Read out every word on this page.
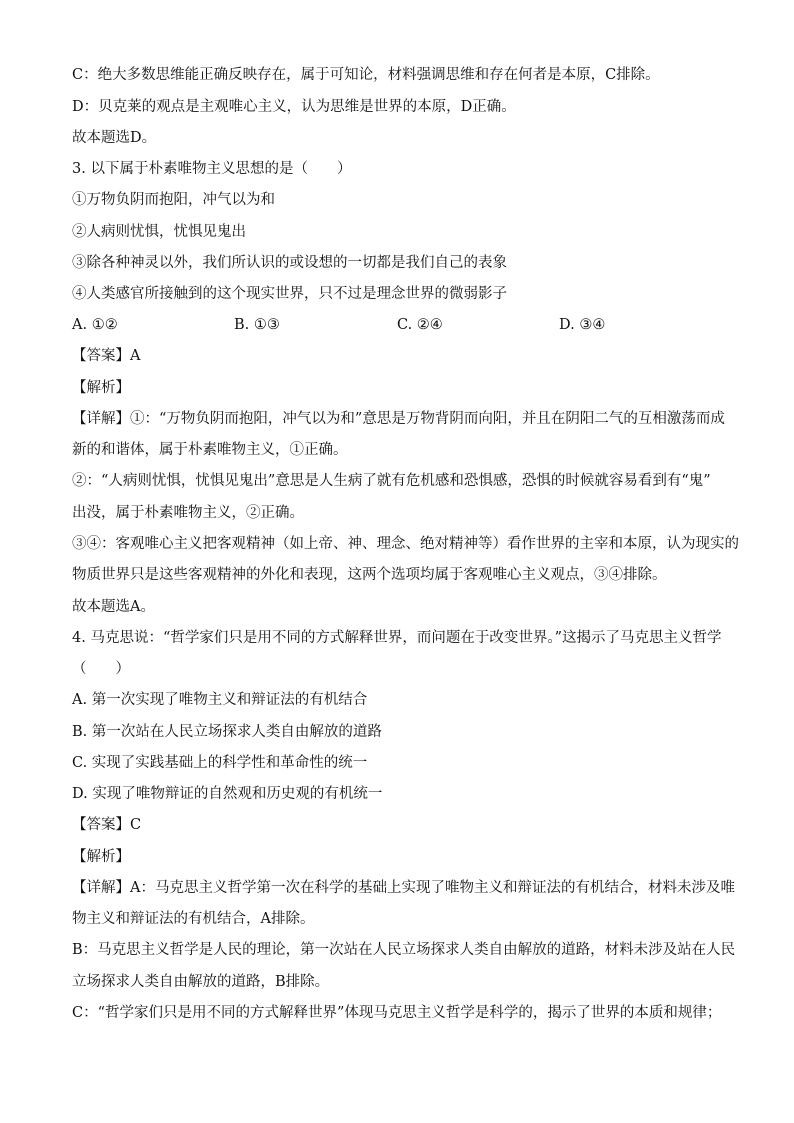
C：绝大多数思维能正确反映存在，属于可知论，材料强调思维和存在何者是本原，C排除。
D：贝克莱的观点是主观唯心主义，认为思维是世界的本原，D正确。
故本题选D。
3. 以下属于朴素唯物主义思想的是（　　）
①万物负阴而抱阳，冲气以为和
②人病则忧惧，忧惧见鬼出
③除各种神灵以外，我们所认识的或设想的一切都是我们自己的表象
④人类感官所接触到的这个现实世界，只不过是理念世界的微弱影子
A. ①②	B. ①③	C. ②④	D. ③④
【答案】A
【解析】
【详解】①：“万物负阴而抱阳，冲气以为和”意思是万物背阴而向阳，并且在阴阳二气的互相激荡而成
新的和谐体，属于朴素唯物主义，①正确。
②：“人病则忧惧，忧惧见鬼出”意思是人生病了就有危机感和恐惧感，恐惧的时候就容易看到有“鬼”
出没，属于朴素唯物主义，②正确。
③④：客观唯心主义把客观精神（如上帝、神、理念、绝对精神等）看作世界的主宰和本原，认为现实的
物质世界只是这些客观精神的外化和表现，这两个选项均属于客观唯心主义观点，③④排除。
故本题选A。
4. 马克思说：“哲学家们只是用不同的方式解释世界，而问题在于改变世界。”这揭示了马克思主义哲学
（　　）
A. 第一次实现了唯物主义和辩证法的有机结合
B. 第一次站在人民立场探求人类自由解放的道路
C. 实现了实践基础上的科学性和革命性的统一
D. 实现了唯物辩证的自然观和历史观的有机统一
【答案】C
【解析】
【详解】A：马克思主义哲学第一次在科学的基础上实现了唯物主义和辩证法的有机结合，材料未涉及唯
物主义和辩证法的有机结合，A排除。
B：马克思主义哲学是人民的理论，第一次站在人民立场探求人类自由解放的道路，材料未涉及站在人民
立场探求人类自由解放的道路，B排除。
C：“哲学家们只是用不同的方式解释世界”体现马克思主义哲学是科学的，揭示了世界的本质和规律；
